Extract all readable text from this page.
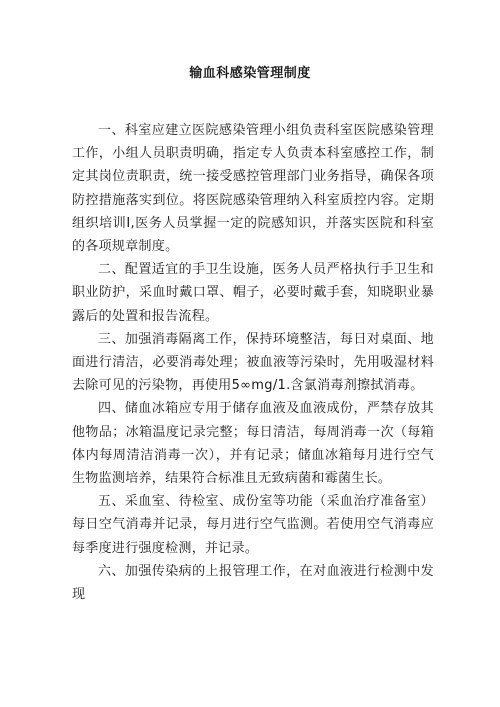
输血科感染管理制度

一、科室应建立医院感染管理小组负责科室医院感染管理工作，小组人员职责明确，指定专人负责本科室感控工作，制定其岗位责职责，统一接受感控管理部门业务指导，确保各项防控措施落实到位。将医院感染管理纳入科室质控内容。定期组织培训I,医务人员掌握一定的院感知识，并落实医院和科室的各项规章制度。

二、配置适宜的手卫生设施，医务人员严格执行手卫生和职业防护，采血时戴口罩、帽子，必要时戴手套，知晓职业暴露后的处置和报告流程。

三、加强消毒隔离工作，保持环境整洁，每日对桌面、地面进行清洁，必要消毒处理；被血液等污染时，先用吸湿材料去除可见的污染物，再使用5∞mg/1.含氯消毒剂擦拭消毒。

四、储血冰箱应专用于储存血液及血液成份，严禁存放其他物品；冰箱温度记录完整；每日清洁，每周消毒一次（每箱体内每周清洁消毒一次），并有记录；储血冰箱每月进行空气生物监测培养，结果符合标准且无致病菌和霉菌生长。

五、采血室、待检室、成份室等功能（采血治疗准备室）每日空气消毒并记录，每月进行空气监测。若使用空气消毒应每季度进行强度检测，并记录。

六、加强传染病的上报管理工作，在对血液进行检测中发现
